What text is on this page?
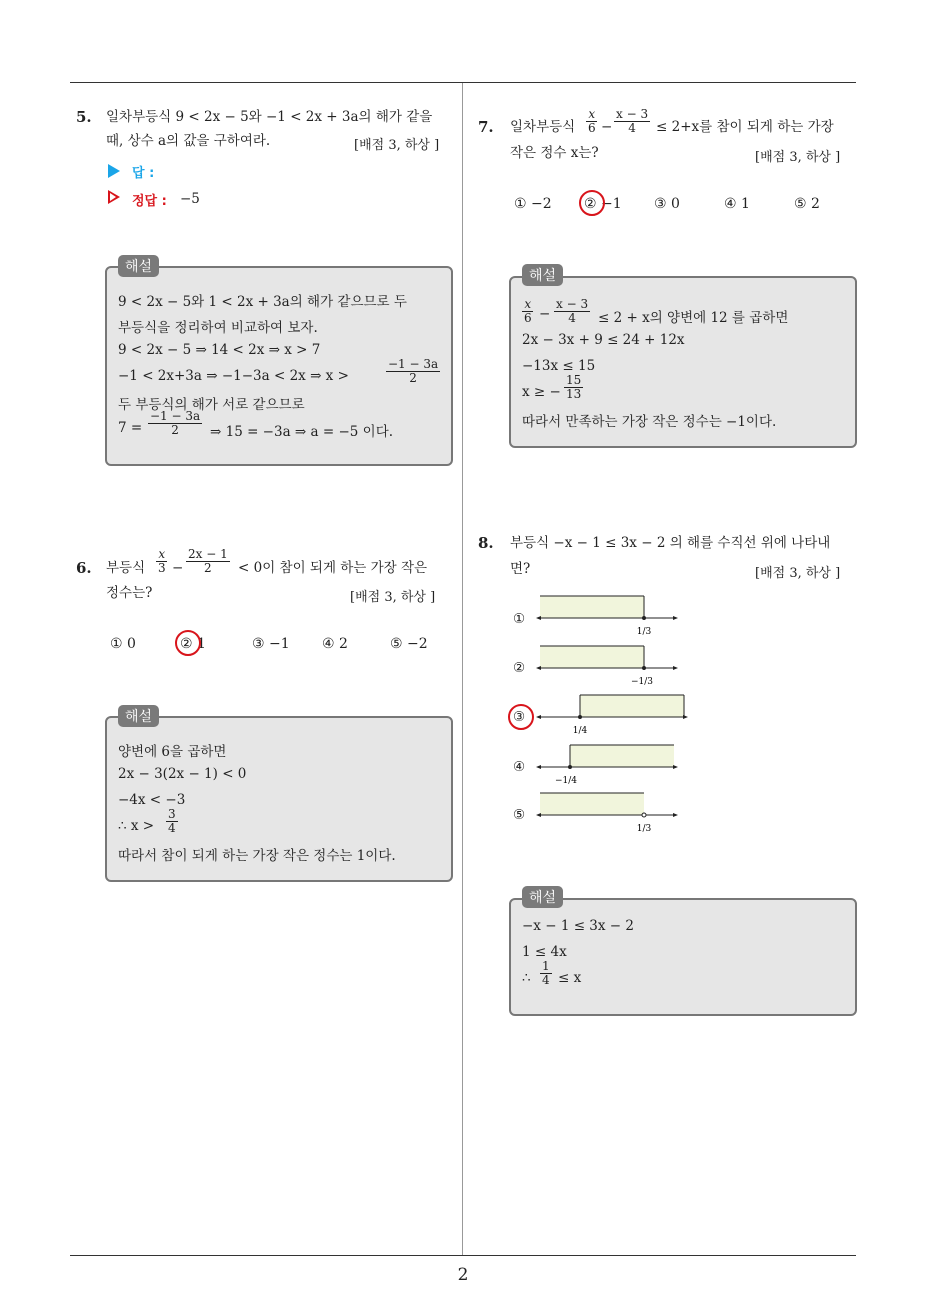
2
5. 일차부등식 9 < 2x − 5와 −1 < 2x + 3a의 해가 같을
때, 상수 a의 값을 구하여라.	[배점 3, 하상 ]
답 :
정답 : −5
해설
9 < 2x − 5와 1 < 2x + 3a의 해가 같으므로 두
부등식을 정리하여 비교하여 보자.
9 < 2x − 5 ⇒ 14 < 2x ⇒ x > 7
−1 < 2x+3a ⇒ −1−3a < 2x ⇒ x >	$\frac{-1 - 3a}{2}$
두 부등식의 해가 서로 같으므로
$7 = \frac{-1 - 3a}{2}$ ⇒ 15 = −3a ⇒ a = −5 이다.
6. 부등식 $\frac{x}{3} - \frac{2x - 1}{2} < 0$이 참이 되게 하는 가장 작은
정수는?	[배점 3, 하상 ]
① 0	② 1	③ −1 ④ 2	⑤ −2
해설
양변에 6을 곱하면
2x − 3(2x − 1) < 0
−4x < −3
∴ $x > \frac{3}{4}$
따라서 참이 되게 하는 가장 작은 정수는 1이다.
7. 일차부등식 $\frac{x}{6} - \frac{x - 3}{4} \le 2+x$를 참이 되게 하는 가장
작은 정수 x는?	[배점 3, 하상 ]
① −2 ② −1 ③ 0	④ 1	⑤ 2
해설
$\frac{x}{6} - \frac{x - 3}{4} \le 2 + x$의 양변에 12 를 곱하면
2x − 3x + 9 ≤ 24 + 12x
−13x ≤ 15
x ≥ − $\frac{15}{13}$
따라서 만족하는 가장 작은 정수는 −1이다.
8. 부등식 −x − 1 ≤ 3x − 2 의 해를 수직선 위에 나타내
면?	[배점 3, 하상 ]
①
1/3
②
−1/3
③
1/4
④
−1/4
⑤
1/3
해설
−x − 1 ≤ 3x − 2
1 ≤ 4x
∴ $\frac{1}{4} \le x$
